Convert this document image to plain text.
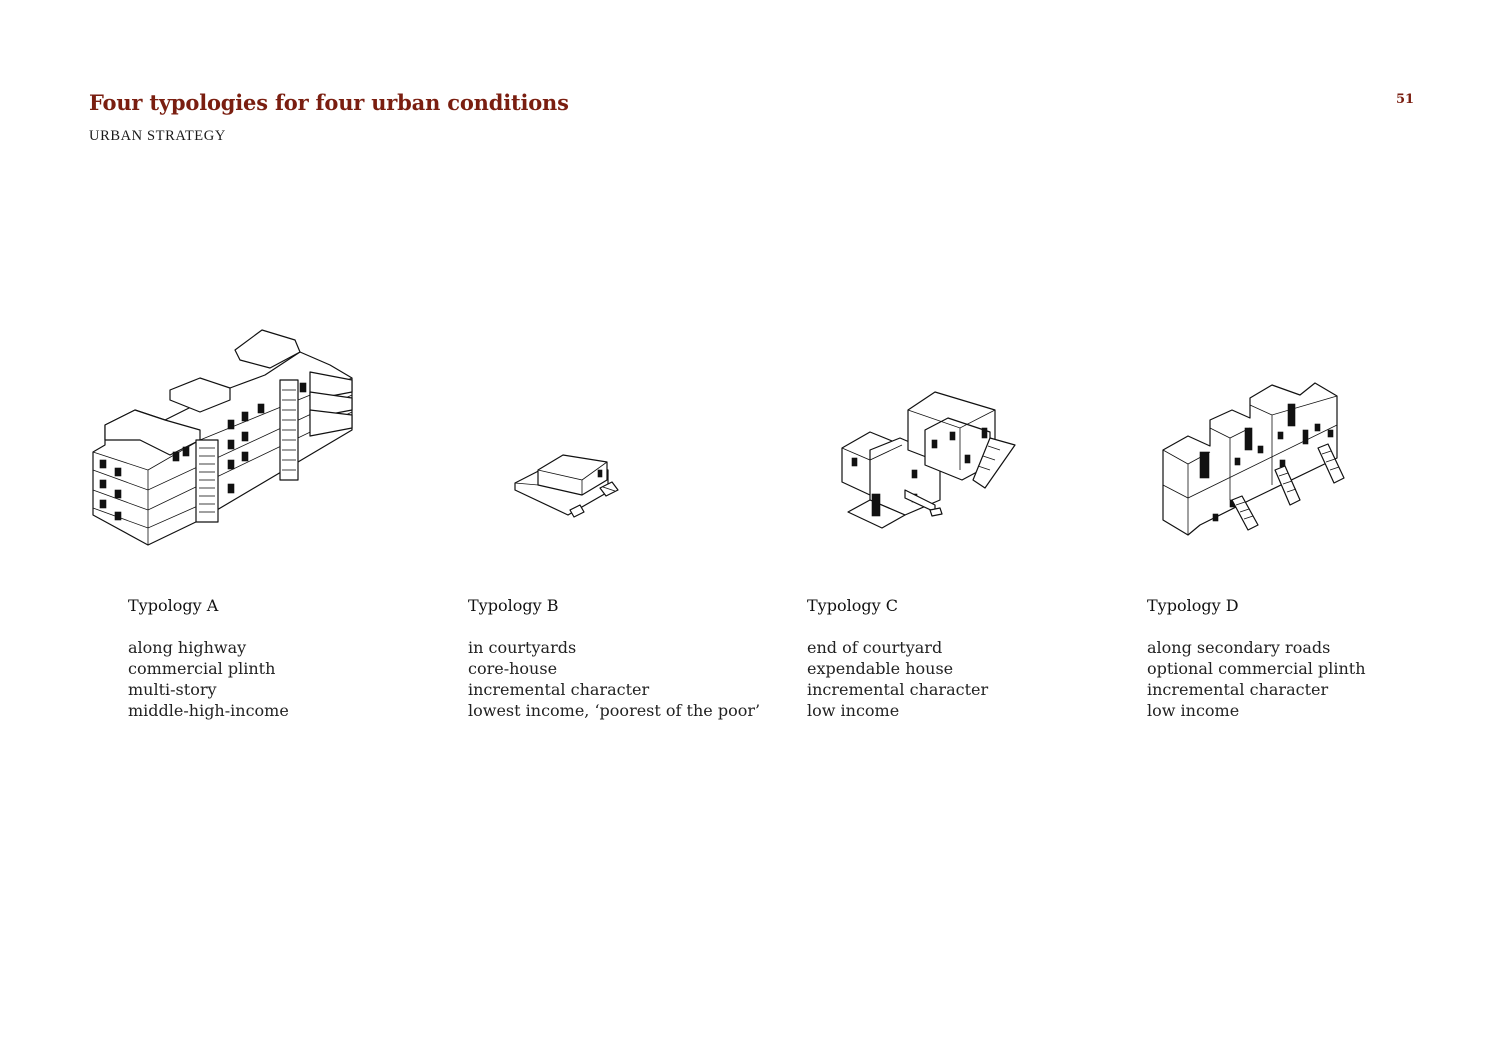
Four typologies for four urban conditions

URBAN STRATEGY

51

Typology A

along highway
commercial plinth
multi-story
middle-high-income

Typology B

in courtyards
core-house
incremental character
lowest income, ‘poorest of the poor’

Typology C

end of courtyard
expendable house
incremental character
low income

Typology D

along secondary roads
optional commercial plinth
incremental character
low income
